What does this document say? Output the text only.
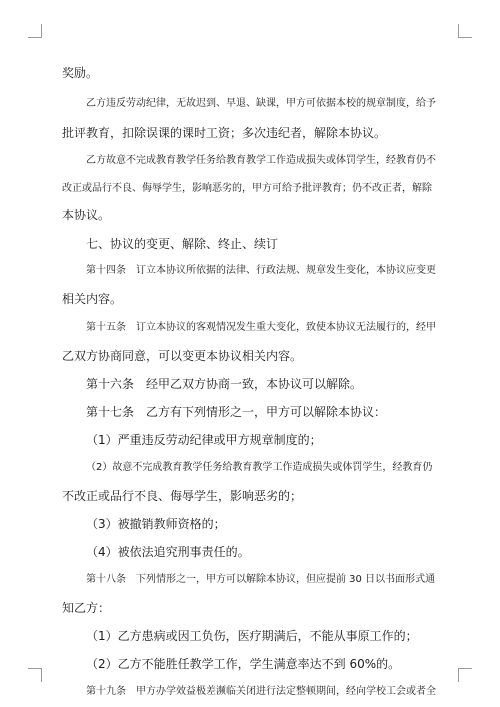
奖励。
乙方违反劳动纪律，无故迟到、早退、缺课，甲方可依据本校的规章制度，给予
批评教育，扣除误课的课时工资；多次违纪者，解除本协议。
乙方故意不完成教育教学任务给教育教学工作造成损失或体罚学生，经教育仍不
改正或品行不良、侮辱学生，影响恶劣的，甲方可给予批评教育；仍不改正者，解除
本协议。
七、协议的变更、解除、终止、续订
第十四条　订立本协议所依据的法律、行政法规、规章发生变化，本协议应变更
相关内容。
第十五条　订立本协议的客观情况发生重大变化，致使本协议无法履行的，经甲
乙双方协商同意，可以变更本协议相关内容。
第十六条　经甲乙双方协商一致，本协议可以解除。
第十七条　乙方有下列情形之一，甲方可以解除本协议：
（1）严重违反劳动纪律或甲方规章制度的；
（2）故意不完成教育教学任务给教育教学工作造成损失或体罚学生，经教育仍
不改正或品行不良、侮辱学生，影响恶劣的；
（3）被撤销教师资格的；
（4）被依法追究刑事责任的。
第十八条　下列情形之一，甲方可以解除本协议，但应提前 30 日以书面形式通
知乙方：
（1）乙方患病或因工负伤，医疗期满后，不能从事原工作的；
（2）乙方不能胜任教学工作，学生满意率达不到 60%的。
第十九条　甲方办学效益极差濒临关闭进行法定整顿期间，经向学校工会或者全
